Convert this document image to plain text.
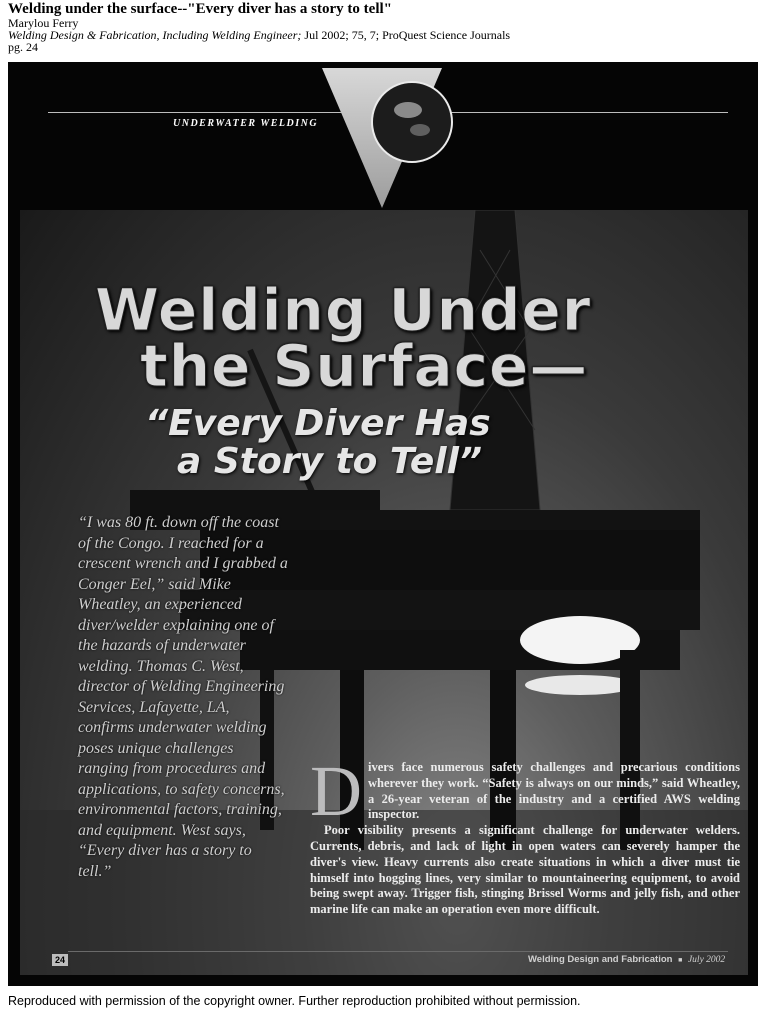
Welding under the surface--"Every diver has a story to tell"
Marylou Ferry
Welding Design & Fabrication, Including Welding Engineer; Jul 2002; 75, 7; ProQuest Science Journals
pg. 24
UNDERWATER WELDING
Welding Under
the Surface—
“Every Diver Has
a Story to Tell”
“I was 80 ft. down off the coast of the Congo. I reached for a crescent wrench and I grabbed a Conger Eel,” said Mike Wheatley, an experienced diver/welder explaining one of the hazards of underwater welding. Thomas C. West, director of Welding Engineering Services, Lafayette, LA, confirms underwater welding poses unique challenges ranging from procedures and applications, to safety concerns, environmental factors, training, and equipment. West says, “Every diver has a story to tell.”

Divers face numerous safety challenges and precarious conditions wherever they work. “Safety is always on our minds,” said Wheatley, a 26-year veteran of the industry and a certified AWS welding inspector.

Poor visibility presents a significant challenge for underwater welders. Currents, debris, and lack of light in open waters can severely hamper the diver's view. Heavy currents also create situations in which a diver must tie himself into hogging lines, very similar to mountaineering equipment, to avoid being swept away. Trigger fish, stinging Brissel Worms and jelly fish, and other marine life can make an operation even more difficult.

24	Welding Design and Fabrication ■ July 2002
Reproduced with permission of the copyright owner. Further reproduction prohibited without permission.
